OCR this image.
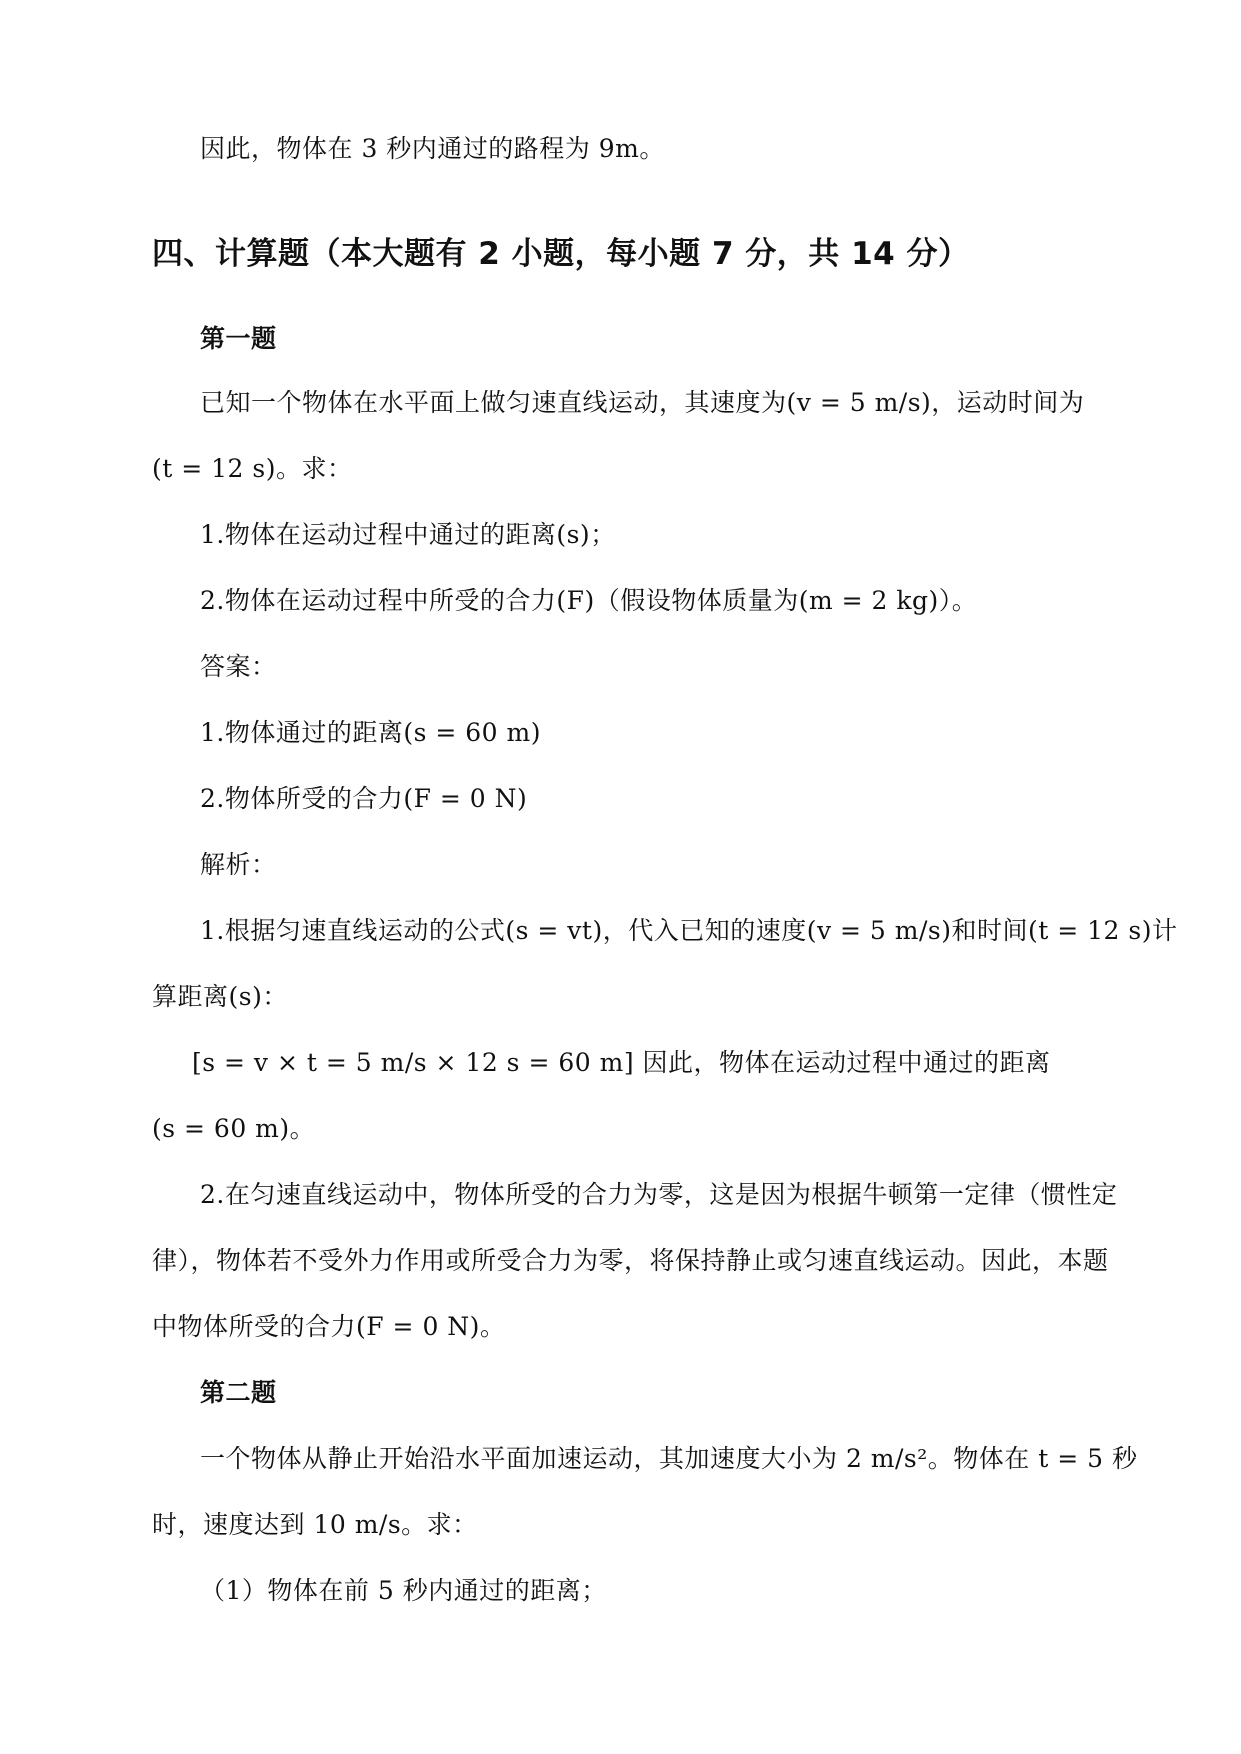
因此，物体在 3 秒内通过的路程为 9m。
四、计算题（本大题有 2 小题，每小题 7 分，共 14 分）
第一题
已知一个物体在水平面上做匀速直线运动，其速度为(v = 5 m/s)，运动时间为
(t = 12 s)。求：
1.物体在运动过程中通过的距离(s)；
2.物体在运动过程中所受的合力(F)（假设物体质量为(m = 2 kg)）。
答案：
1.物体通过的距离(s = 60 m)
2.物体所受的合力(F = 0 N)
解析：
1.根据匀速直线运动的公式(s = vt)，代入已知的速度(v = 5 m/s)和时间(t = 12 s)计
算距离(s)：
[s = v × t = 5 m/s × 12 s = 60 m] 因此，物体在运动过程中通过的距离
(s = 60 m)。
2.在匀速直线运动中，物体所受的合力为零，这是因为根据牛顿第一定律（惯性定
律），物体若不受外力作用或所受合力为零，将保持静止或匀速直线运动。因此，本题
中物体所受的合力(F = 0 N)。
第二题
一个物体从静止开始沿水平面加速运动，其加速度大小为 2 m/s²。物体在 t = 5 秒
时，速度达到 10 m/s。求：
（1）物体在前 5 秒内通过的距离；
